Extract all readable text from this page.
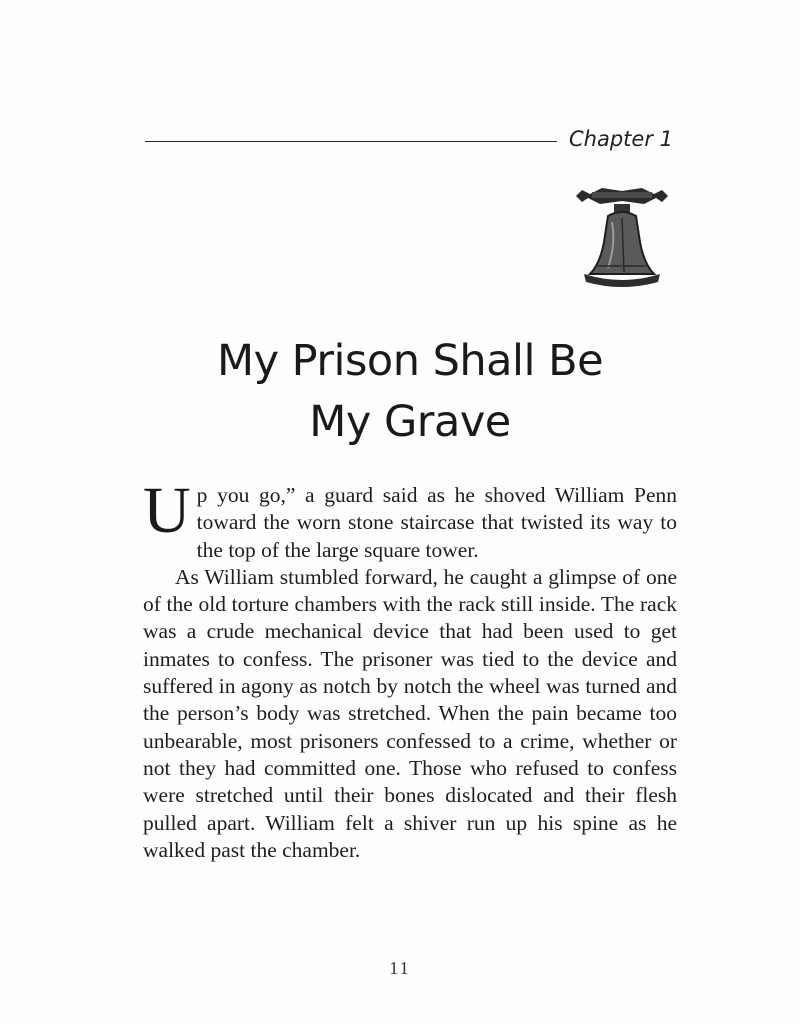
Chapter 1
My Prison Shall Be
My Grave

Up you go,” a guard said as he shoved William Penn toward the worn stone staircase that twisted its way to the top of the large square tower.

As William stumbled forward, he caught a glimpse of one of the old torture chambers with the rack still inside. The rack was a crude mechanical device that had been used to get inmates to confess. The prisoner was tied to the device and suffered in agony as notch by notch the wheel was turned and the person’s body was stretched. When the pain became too unbearable, most prisoners confessed to a crime, whether or not they had committed one. Those who refused to confess were stretched until their bones dislocated and their flesh pulled apart. William felt a shiver run up his spine as he walked past the chamber.

11
